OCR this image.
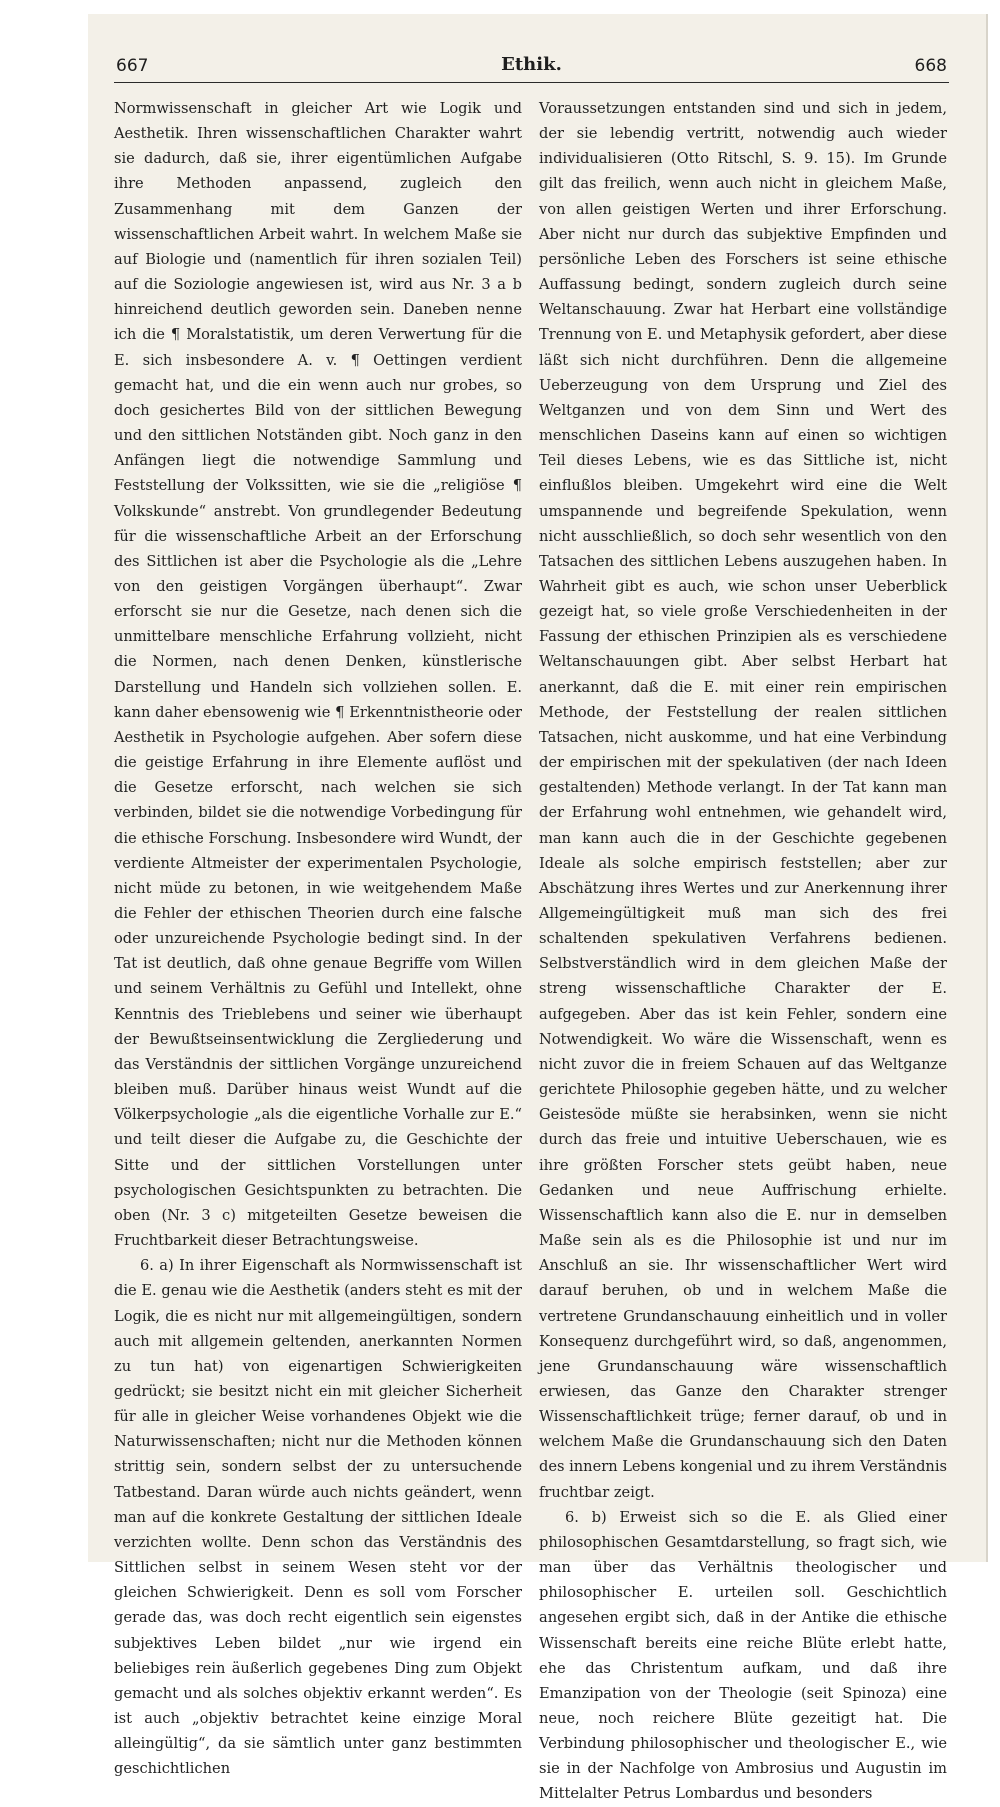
667	Ethik.	668

Normwissenschaft in gleicher Art wie Logik und Aesthetik. Ihren wissenschaftlichen Charakter wahrt sie dadurch, daß sie, ihrer eigentümlichen Aufgabe ihre Methoden anpassend, zugleich den Zusammenhang mit dem Ganzen der wissenschaftlichen Arbeit wahrt. In welchem Maße sie auf Biologie und (namentlich für ihren sozialen Teil) auf die Soziologie angewiesen ist, wird aus Nr. 3 a b hinreichend deutlich geworden sein. Daneben nenne ich die ¶ Moralstatistik, um deren Verwertung für die E. sich insbesondere A. v. ¶ Oettingen verdient gemacht hat, und die ein wenn auch nur grobes, so doch gesichertes Bild von der sittlichen Bewegung und den sittlichen Notständen gibt. Noch ganz in den Anfängen liegt die notwendige Sammlung und Feststellung der Volkssitten, wie sie die „religiöse ¶ Volkskunde“ anstrebt. Von grundlegender Bedeutung für die wissenschaftliche Arbeit an der Erforschung des Sittlichen ist aber die Psychologie als die „Lehre von den geistigen Vorgängen überhaupt“. Zwar erforscht sie nur die Gesetze, nach denen sich die unmittelbare menschliche Erfahrung vollzieht, nicht die Normen, nach denen Denken, künstlerische Darstellung und Handeln sich vollziehen sollen. E. kann daher ebensowenig wie ¶ Erkenntnistheorie oder Aesthetik in Psychologie aufgehen. Aber sofern diese die geistige Erfahrung in ihre Elemente auflöst und die Gesetze erforscht, nach welchen sie sich verbinden, bildet sie die notwendige Vorbedingung für die ethische Forschung. Insbesondere wird Wundt, der verdiente Altmeister der experimentalen Psychologie, nicht müde zu betonen, in wie weitgehendem Maße die Fehler der ethischen Theorien durch eine falsche oder unzureichende Psychologie bedingt sind. In der Tat ist deutlich, daß ohne genaue Begriffe vom Willen und seinem Verhältnis zu Gefühl und Intellekt, ohne Kenntnis des Trieblebens und seiner wie überhaupt der Bewußtseinsentwicklung die Zergliederung und das Verständnis der sittlichen Vorgänge unzureichend bleiben muß. Darüber hinaus weist Wundt auf die Völkerpsychologie „als die eigentliche Vorhalle zur E.“ und teilt dieser die Aufgabe zu, die Geschichte der Sitte und der sittlichen Vorstellungen unter psychologischen Gesichtspunkten zu betrachten. Die oben (Nr. 3 c) mitgeteilten Gesetze beweisen die Fruchtbarkeit dieser Betrachtungsweise.

6. a) In ihrer Eigenschaft als Normwissenschaft ist die E. genau wie die Aesthetik (anders steht es mit der Logik, die es nicht nur mit allgemeingültigen, sondern auch mit allgemein geltenden, anerkannten Normen zu tun hat) von eigenartigen Schwierigkeiten gedrückt; sie besitzt nicht ein mit gleicher Sicherheit für alle in gleicher Weise vorhandenes Objekt wie die Naturwissenschaften; nicht nur die Methoden können strittig sein, sondern selbst der zu untersuchende Tatbestand. Daran würde auch nichts geändert, wenn man auf die konkrete Gestaltung der sittlichen Ideale verzichten wollte. Denn schon das Verständnis des Sittlichen selbst in seinem Wesen steht vor der gleichen Schwierigkeit. Denn es soll vom Forscher gerade das, was doch recht eigentlich sein eigenstes subjektives Leben bildet „nur wie irgend ein beliebiges rein äußerlich gegebenes Ding zum Objekt gemacht und als solches objektiv erkannt werden“. Es ist auch „objektiv betrachtet keine einzige Moral alleingültig“, da sie sämtlich unter ganz bestimmten geschichtlichen

Voraussetzungen entstanden sind und sich in jedem, der sie lebendig vertritt, notwendig auch wieder individualisieren (Otto Ritschl, S. 9. 15). Im Grunde gilt das freilich, wenn auch nicht in gleichem Maße, von allen geistigen Werten und ihrer Erforschung. Aber nicht nur durch das subjektive Empfinden und persönliche Leben des Forschers ist seine ethische Auffassung bedingt, sondern zugleich durch seine Weltanschauung. Zwar hat Herbart eine vollständige Trennung von E. und Metaphysik gefordert, aber diese läßt sich nicht durchführen. Denn die allgemeine Ueberzeugung von dem Ursprung und Ziel des Weltganzen und von dem Sinn und Wert des menschlichen Daseins kann auf einen so wichtigen Teil dieses Lebens, wie es das Sittliche ist, nicht einflußlos bleiben. Umgekehrt wird eine die Welt umspannende und begreifende Spekulation, wenn nicht ausschließlich, so doch sehr wesentlich von den Tatsachen des sittlichen Lebens auszugehen haben. In Wahrheit gibt es auch, wie schon unser Ueberblick gezeigt hat, so viele große Verschiedenheiten in der Fassung der ethischen Prinzipien als es verschiedene Weltanschauungen gibt. Aber selbst Herbart hat anerkannt, daß die E. mit einer rein empirischen Methode, der Feststellung der realen sittlichen Tatsachen, nicht auskomme, und hat eine Verbindung der empirischen mit der spekulativen (der nach Ideen gestaltenden) Methode verlangt. In der Tat kann man der Erfahrung wohl entnehmen, wie gehandelt wird, man kann auch die in der Geschichte gegebenen Ideale als solche empirisch feststellen; aber zur Abschätzung ihres Wertes und zur Anerkennung ihrer Allgemeingültigkeit muß man sich des frei schaltenden spekulativen Verfahrens bedienen. Selbstverständlich wird in dem gleichen Maße der streng wissenschaftliche Charakter der E. aufgegeben. Aber das ist kein Fehler, sondern eine Notwendigkeit. Wo wäre die Wissenschaft, wenn es nicht zuvor die in freiem Schauen auf das Weltganze gerichtete Philosophie gegeben hätte, und zu welcher Geistesöde müßte sie herabsinken, wenn sie nicht durch das freie und intuitive Ueberschauen, wie es ihre größten Forscher stets geübt haben, neue Gedanken und neue Auffrischung erhielte. Wissenschaftlich kann also die E. nur in demselben Maße sein als es die Philosophie ist und nur im Anschluß an sie. Ihr wissenschaftlicher Wert wird darauf beruhen, ob und in welchem Maße die vertretene Grundanschauung einheitlich und in voller Konsequenz durchgeführt wird, so daß, angenommen, jene Grundanschauung wäre wissenschaftlich erwiesen, das Ganze den Charakter strenger Wissenschaftlichkeit trüge; ferner darauf, ob und in welchem Maße die Grundanschauung sich den Daten des innern Lebens kongenial und zu ihrem Verständnis fruchtbar zeigt.

6. b) Erweist sich so die E. als Glied einer philosophischen Gesamtdarstellung, so fragt sich, wie man über das Verhältnis theologischer und philosophischer E. urteilen soll. Geschichtlich angesehen ergibt sich, daß in der Antike die ethische Wissenschaft bereits eine reiche Blüte erlebt hatte, ehe das Christentum aufkam, und daß ihre Emanzipation von der Theologie (seit Spinoza) eine neue, noch reichere Blüte gezeitigt hat. Die Verbindung philosophischer und theologischer E., wie sie in der Nachfolge von Ambrosius und Augustin im Mittelalter Petrus Lombardus und besonders
